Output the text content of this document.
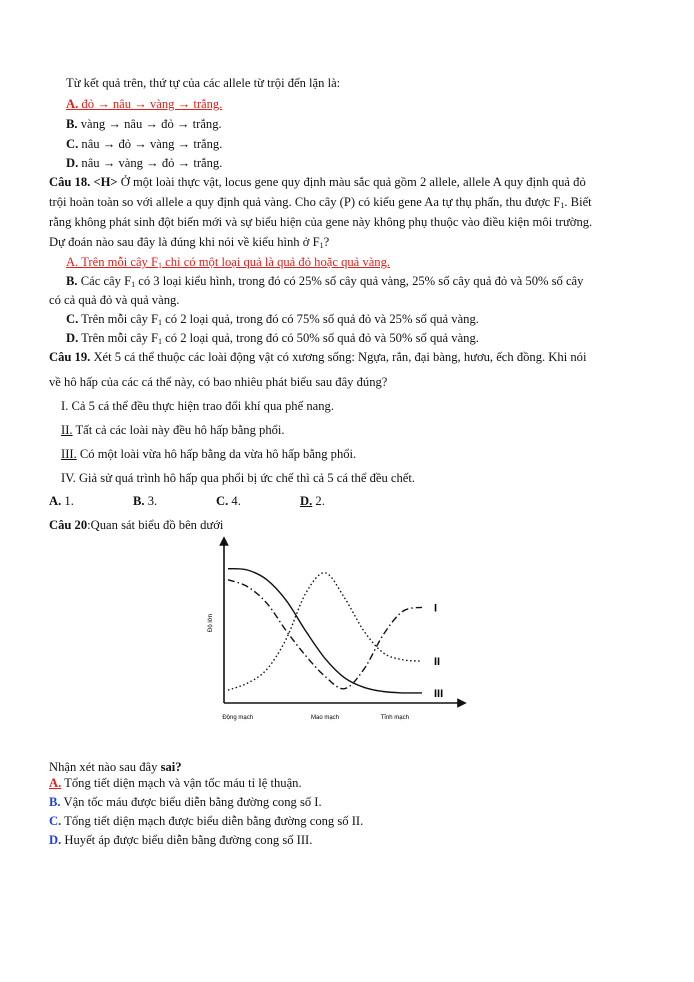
Từ kết quả trên, thứ tự của các allele từ trội đến lặn là:
A. đỏ → nâu → vàng → trắng.
B. vàng → nâu → đỏ → trắng.
C. nâu → đỏ → vàng → trắng.
D. nâu → vàng → đỏ → trắng.
Câu 18. <H> Ở một loài thực vật, locus gene quy định màu sắc quả gồm 2 allele, allele A quy định quả đỏ
trội hoàn toàn so với allele a quy định quả vàng. Cho cây (P) có kiểu gene Aa tự thụ phấn, thu được $F_1$. Biết
rằng không phát sinh đột biến mới và sự biểu hiện của gene này không phụ thuộc vào điều kiện môi trường.
Dự đoán nào sau đây là đúng khi nói về kiểu hình ở $F_1$?
A. Trên mỗi cây $F_1$ chỉ có một loại quả là quả đỏ hoặc quả vàng.
B. Các cây $F_1$ có 3 loại kiểu hình, trong đó có 25% số cây quả vàng, 25% số cây quả đỏ và 50% số cây
có cả quả đỏ và quả vàng.
C. Trên mỗi cây $F_1$ có 2 loại quả, trong đó có 75% số quả đỏ và 25% số quả vàng.
D. Trên mỗi cây $F_1$ có 2 loại quả, trong đó có 50% số quả đỏ và 50% số quả vàng.
Câu 19. Xét 5 cá thể thuộc các loài động vật có xương sống: Ngựa, rắn, đại bàng, hươu, ếch đồng. Khi nói
về hô hấp của các cá thể này, có bao nhiêu phát biểu sau đây đúng?
I. Cả 5 cá thể đều thực hiện trao đổi khí qua phế nang.
II. Tất cả các loài này đều hô hấp bằng phổi.
III. Có một loài vừa hô hấp bằng da vừa hô hấp bằng phổi.
IV. Giả sử quá trình hô hấp qua phổi bị ức chế thì cả 5 cá thể đều chết.
A. 1.	B. 3.	C. 4.	D. 2.
Câu 20:Quan sát biểu đồ bên dưới
Độ lớn
Động mạch	Mao mạch	Tĩnh mạch
I
II
III
Nhận xét nào sau đây sai?
A. Tổng tiết diện mạch và vận tốc máu tỉ lệ thuận.
B. Vận tốc máu được biểu diễn bằng đường cong số I.
C. Tổng tiết diện mạch được biểu diễn bằng đường cong số II.
D. Huyết áp được biểu diễn bằng đường cong số III.
